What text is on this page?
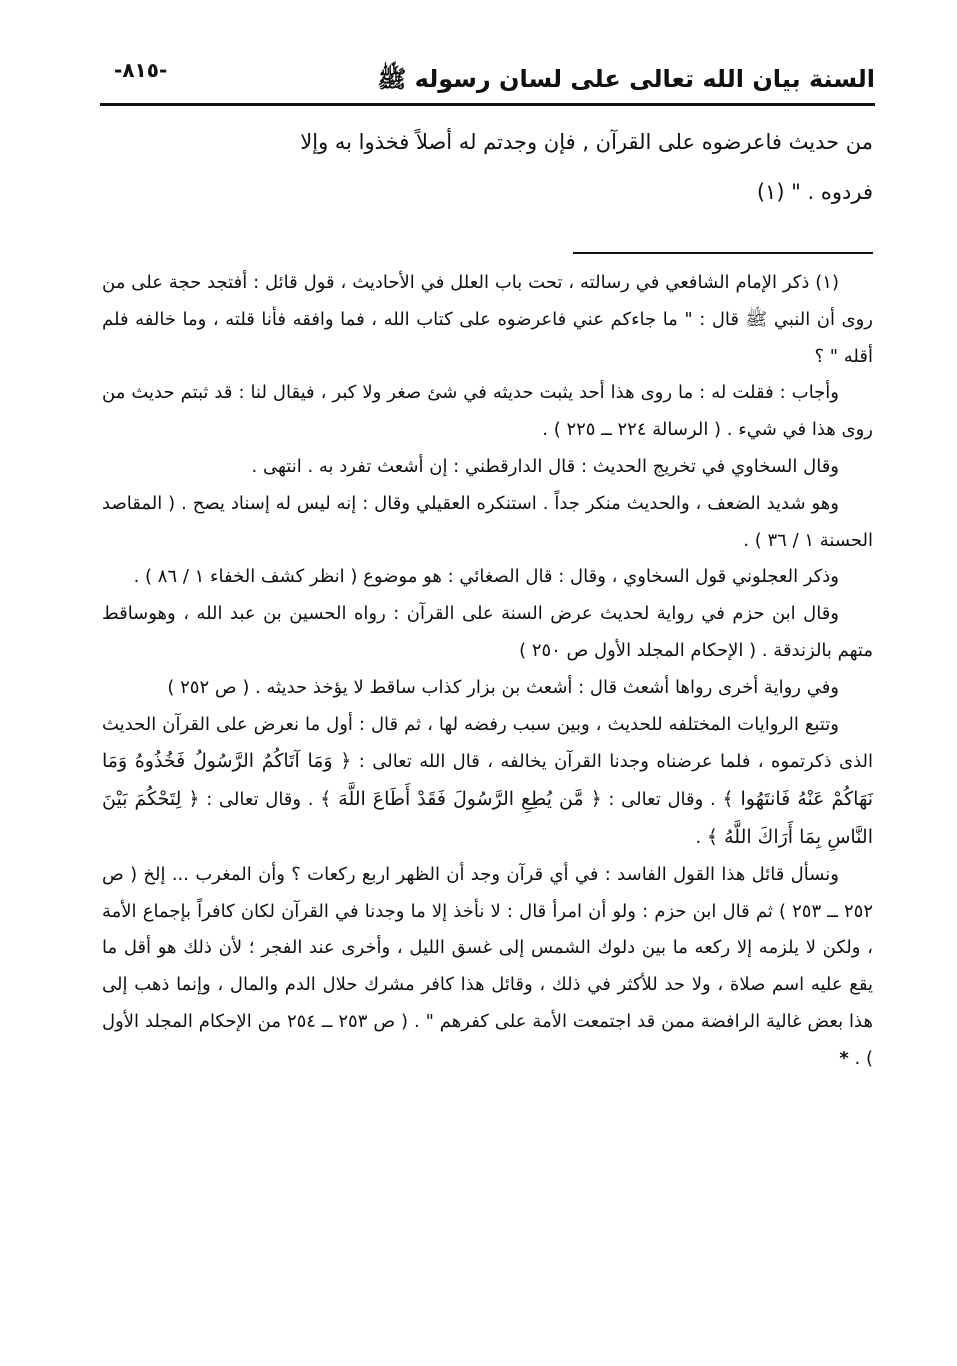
السنة بيان الله تعالى على لسان رسوله ﷺ
-٨١٥-

من حديث فاعرضوه على القرآن , فإن وجدتم له أصلاً فخذوا به وإلا

فردوه . " (١)

(١) ذكر الإمام الشافعي في رسالته ، تحت باب العلل في الأحاديث ، قول قائل : أفتجد حجة على من روى أن النبي ﷺ قال : " ما جاءكم عني فاعرضوه على كتاب الله ، فما وافقه فأنا قلته ، وما خالفه فلم أقله " ؟

وأجاب : فقلت له : ما روى هذا أحد يثبت حديثه في شئ صغر ولا كبر ، فيقال لنا : قد ثبتم حديث من روى هذا في شيء . ( الرسالة ٢٢٤ ــ ٢٢٥ ) .

وقال السخاوي في تخريج الحديث : قال الدارقطني : إن أشعث تفرد به . انتهى .

وهو شديد الضعف ، والحديث منكر جداً . استنكره العقيلي وقال : إنه ليس له إسناد يصح . ( المقاصد الحسنة ١ / ٣٦ ) .

وذكر العجلوني قول السخاوي ، وقال : قال الصغائي : هو موضوع ( انظر كشف الخفاء ١ / ٨٦ ) .

وقال ابن حزم في رواية لحديث عرض السنة على القرآن : رواه الحسين بن عبد الله ، وهوساقط متهم بالزندقة . ( الإحكام المجلد الأول ص ٢٥٠ )

وفي رواية أخرى رواها أشعث قال : أشعث بن بزار كذاب ساقط لا يؤخذ حديثه . ( ص ٢٥٢ )

وتتبع الروايات المختلفه للحديث ، وبين سبب رفضه لها ، ثم قال : أول ما نعرض على القرآن الحديث الذى ذكرتموه ، فلما عرضناه وجدنا القرآن يخالفه ، قال الله تعالى : ﴿ وَمَا آتَاكُمُ الرَّسُولُ فَخُذُوهُ وَمَا نَهَاكُمْ عَنْهُ فَانتَهُوا ﴾ . وقال تعالى : ﴿ مَّن يُطِعِ الرَّسُولَ فَقَدْ أَطَاعَ اللَّهَ ﴾ . وقال تعالى : ﴿ لِتَحْكُمَ بَيْنَ النَّاسِ بِمَا أَرَاكَ اللَّهُ ﴾ .

ونسأل قائل هذا القول الفاسد : في أي قرآن وجد أن الظهر اربع ركعات ؟ وأن المغرب ... إلخ ( ص ٢٥٢ ــ ٢٥٣ ) ثم قال ابن حزم : ولو أن امرأ قال : لا نأخذ إلا ما وجدنا في القرآن لكان كافراً بإجماع الأمة ، ولكن لا يلزمه إلا ركعه ما بين دلوك الشمس إلى غسق الليل ، وأخرى عند الفجر ؛ لأن ذلك هو أقل ما يقع عليه اسم صلاة ، ولا حد للأكثر في ذلك ، وقائل هذا كافر مشرك حلال الدم والمال ، وإنما ذهب إلى هذا بعض غالية الرافضة ممن قد اجتمعت الأمة على كفرهم " . ( ص ٢٥٣ ــ ٢٥٤ من الإحكام المجلد الأول ) . *
